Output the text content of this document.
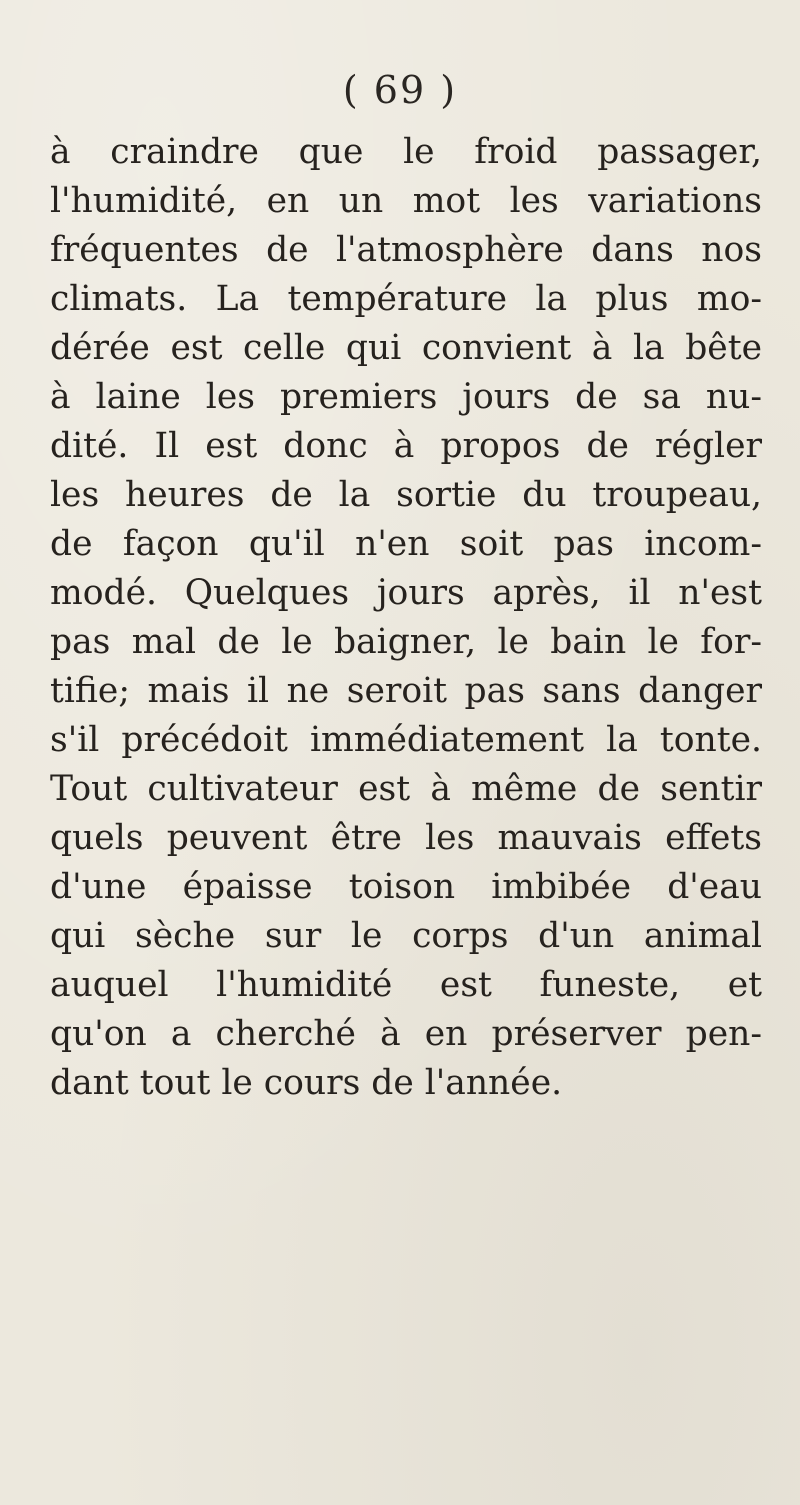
( 69 )
à craindre que le froid passager,
l'humidité, en un mot les variations
fréquentes de l'atmosphère dans nos
climats. La température la plus mo-
dérée est celle qui convient à la bête
à laine les premiers jours de sa nu-
dité. Il est donc à propos de régler
les heures de la sortie du troupeau,
de façon qu'il n'en soit pas incom-
modé. Quelques jours après, il n'est
pas mal de le baigner, le bain le for-
tifie; mais il ne seroit pas sans danger
s'il précédoit immédiatement la tonte.
Tout cultivateur est à même de sentir
quels peuvent être les mauvais effets
d'une épaisse toison imbibée d'eau
qui sèche sur le corps d'un animal
auquel l'humidité est funeste, et
qu'on a cherché à en préserver pen-
dant tout le cours de l'année.
